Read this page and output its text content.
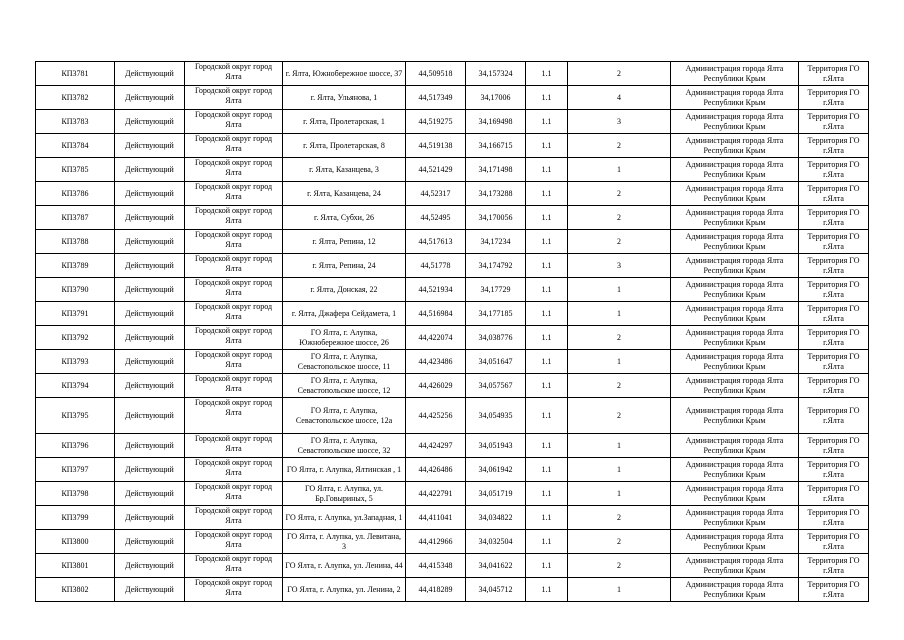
КП3781	Действующий	Городской округ город Ялта	г. Ялта, Южнобережное шоссе, 37	44,509518	34,157324	1.1	2	Администрация города Ялта Республики Крым	Территория ГО г.Ялта
КП3782	Действующий	Городской округ город Ялта	г. Ялта, Ульянова, 1	44,517349	34,17006	1.1	4	Администрация города Ялта Республики Крым	Территория ГО г.Ялта
КП3783	Действующий	Городской округ город Ялта	г. Ялта, Пролетарская, 1	44,519275	34,169498	1.1	3	Администрация города Ялта Республики Крым	Территория ГО г.Ялта
КП3784	Действующий	Городской округ город Ялта	г. Ялта, Пролетарская, 8	44,519138	34,166715	1.1	2	Администрация города Ялта Республики Крым	Территория ГО г.Ялта
КП3785	Действующий	Городской округ город Ялта	г. Ялта, Казанцева, 3	44,521429	34,171498	1.1	1	Администрация города Ялта Республики Крым	Территория ГО г.Ялта
КП3786	Действующий	Городской округ город Ялта	г. Ялта, Казанцева, 24	44,52317	34,173288	1.1	2	Администрация города Ялта Республики Крым	Территория ГО г.Ялта
КП3787	Действующий	Городской округ город Ялта	г. Ялта, Субхи, 26	44,52495	34,170056	1.1	2	Администрация города Ялта Республики Крым	Территория ГО г.Ялта
КП3788	Действующий	Городской округ город Ялта	г. Ялта, Репина, 12	44,517613	34,17234	1.1	2	Администрация города Ялта Республики Крым	Территория ГО г.Ялта
КП3789	Действующий	Городской округ город Ялта	г. Ялта, Репина, 24	44,51778	34,174792	1.1	3	Администрация города Ялта Республики Крым	Территория ГО г.Ялта
КП3790	Действующий	Городской округ город Ялта	г. Ялта, Донская, 22	44,521934	34,17729	1.1	1	Администрация города Ялта Республики Крым	Территория ГО г.Ялта
КП3791	Действующий	Городской округ город Ялта	г. Ялта, Джафера Сейдамета, 1	44,516984	34,177185	1.1	1	Администрация города Ялта Республики Крым	Территория ГО г.Ялта
КП3792	Действующий	Городской округ город Ялта	ГО Ялта, г. Алупка, Южнобережное шоссе, 26	44,422074	34,038776	1.1	2	Администрация города Ялта Республики Крым	Территория ГО г.Ялта
КП3793	Действующий	Городской округ город Ялта	ГО Ялта, г. Алупка, Севастопольское шоссе, 11	44,423486	34,051647	1.1	1	Администрация города Ялта Республики Крым	Территория ГО г.Ялта
КП3794	Действующий	Городской округ город Ялта	ГО Ялта, г. Алупка, Севастопольское шоссе, 12	44,426029	34,057567	1.1	2	Администрация города Ялта Республики Крым	Территория ГО г.Ялта
КП3795	Действующий	Городской округ город Ялта	ГО Ялта, г. Алупка, Севастопольское шоссе, 12а	44,425256	34,054935	1.1	2	Администрация города Ялта Республики Крым	Территория ГО г.Ялта
КП3796	Действующий	Городской округ город Ялта	ГО Ялта, г. Алупка, Севастопольское шоссе, 32	44,424297	34,051943	1.1	1	Администрация города Ялта Республики Крым	Территория ГО г.Ялта
КП3797	Действующий	Городской округ город Ялта	ГО Ялта, г. Алупка, Ялтинская , 1	44,426486	34,061942	1.1	1	Администрация города Ялта Республики Крым	Территория ГО г.Ялта
КП3798	Действующий	Городской округ город Ялта	ГО Ялта, г. Алупка, ул. Бр.Говыриных, 5	44,422791	34,051719	1.1	1	Администрация города Ялта Республики Крым	Территория ГО г.Ялта
КП3799	Действующий	Городской округ город Ялта	ГО Ялта, г. Алупка, ул.Западная, 1	44,411041	34,034822	1.1	2	Администрация города Ялта Республики Крым	Территория ГО г.Ялта
КП3800	Действующий	Городской округ город Ялта	ГО Ялта, г. Алупка, ул. Левитана, 3	44,412966	34,032504	1.1	2	Администрация города Ялта Республики Крым	Территория ГО г.Ялта
КП3801	Действующий	Городской округ город Ялта	ГО Ялта, г. Алупка, ул. Ленина, 44	44,415348	34,041622	1.1	2	Администрация города Ялта Республики Крым	Территория ГО г.Ялта
КП3802	Действующий	Городской округ город Ялта	ГО Ялта, г. Алупка, ул. Ленина, 2	44,418289	34,045712	1.1	1	Администрация города Ялта Республики Крым	Территория ГО г.Ялта
